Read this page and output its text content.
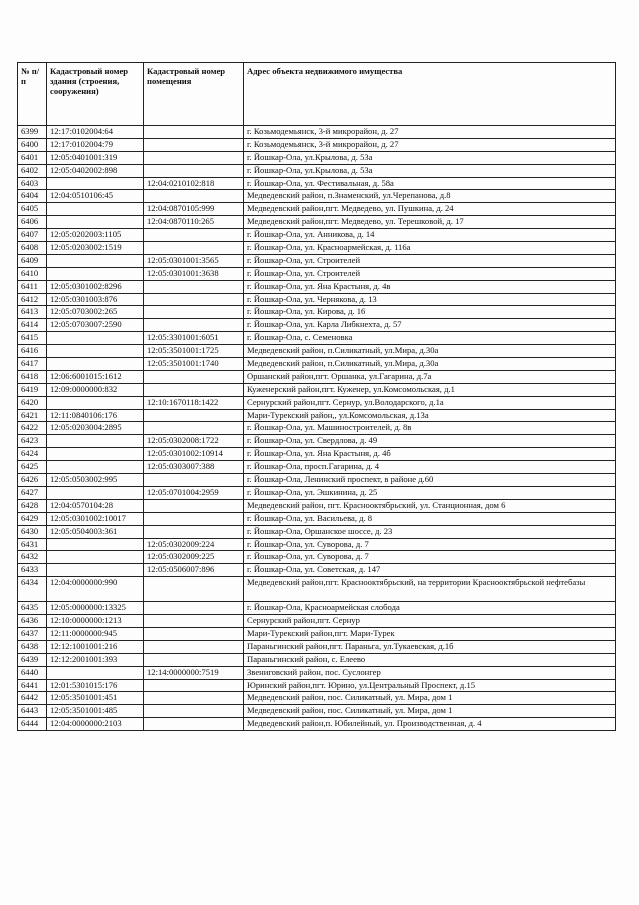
№ п/п	Кадастровый номер здания (строения, сооружения)	Кадастровый номер помещения	Адрес объекта недвижимого имущества
6399	12:17:0102004:64		г. Козьмодемьянск, 3-й микрорайон, д. 27
6400	12:17:0102004:79		г. Козьмодемьянск, 3-й микрорайон, д. 27
6401	12:05:0401001:319		г. Йошкар-Ола, ул.Крылова, д. 53а
6402	12:05:0402002:898		г. Йошкар-Ола, ул.Крылова, д. 53а
6403		12:04:0210102:818	г. Йошкар-Ола, ул. Фестивальная, д. 58а
6404	12:04:0510106:45		Медведевский район, п.Знаменский, ул.Черепанова, д.8
6405		12:04:0870105:999	Медведевский район,пгт. Медведево, ул. Пушкина, д. 24
6406		12:04:0870110:265	Медведевский район,пгт. Медведево, ул. Терешковой, д. 17
6407	12:05:0202003:1105		г. Йошкар-Ола, ул. Анникова, д. 14
6408	12:05:0203002:1519		г. Йошкар-Ола, ул. Красноармейская, д. 116а
6409		12:05:0301001:3565	г. Йошкар-Ола, ул. Строителей
6410		12:05:0301001:3638	г. Йошкар-Ола, ул. Строителей
6411	12:05:0301002:8296		г. Йошкар-Ола, ул. Яна Крастыня, д. 4в
6412	12:05:0301003:876		г. Йошкар-Ола, ул. Чернякова, д. 13
6413	12:05:0703002:265		г. Йошкар-Ола, ул. Кирова, д. 16
6414	12:05:0703007:2590		г. Йошкар-Ола, ул. Карла Либкнехта, д. 57
6415		12:05:3301001:6051	г. Йошкар-Ола, с. Семеновка
6416		12:05:3501001:1725	Медведевский район, п.Силикатный, ул.Мира, д.30а
6417		12:05:3501001:1740	Медведевский район, п.Силикатный, ул.Мира, д.30а
6418	12:06:6001015:1612		Оршанский район,пгт. Оршанка, ул.Гагарина, д.7а
6419	12:09:0000000:832		Куженерский район,пгт. Куженер, ул.Комсомольская, д.1
6420		12:10:1670118:1422	Сернурский район,пгт. Сернур, ул.Володарского, д.1а
6421	12:11:0840106:176		Мари-Турекский район,, ул.Комсомольская, д.13а
6422	12:05:0203004:2895		г. Йошкар-Ола, ул. Машиностроителей, д. 8в
6423		12:05:0302008:1722	г. Йошкар-Ола, ул. Свердлова, д. 49
6424		12:05:0301002:10914	г. Йошкар-Ола, ул. Яна Крастыня, д. 4б
6425		12:05:0303007:388	г. Йошкар-Ола, просп.Гагарина, д. 4
6426	12:05:0503002:995		г. Йошкар-Ола, Ленинский проспект, в районе д.60
6427		12:05:0701004:2959	г. Йошкар-Ола, ул. Эшкинина, д. 25
6428	12:04:0570104:28		Медведевский район, пгт. Краснооктябрьский, ул. Станционная, дом 6
6429	12:05:0301002:10017		г. Йошкар-Ола, ул. Васильева, д. 8
6430	12:05:0504003:361		г. Йошкар-Ола, Оршанское шоссе, д. 23
6431		12:05:0302009:224	г. Йошкар-Ола, ул. Суворова, д. 7
6432		12:05:0302009:225	г. Йошкар-Ола, ул. Суворова, д. 7
6433		12:05:0506007:896	г. Йошкар-Ола, ул. Советская, д. 147
6434	12:04:0000000:990		Медведевский район,пгт. Краснооктябрьский, на территории Краснооктябрьской нефтебазы
6435	12:05:0000000:13325		г. Йошкар-Ола, Красноармейская слобода
6436	12:10:0000000:1213		Сернурский район,пгт. Сернур
6437	12:11:0000000:945		Мари-Турекский район,пгт. Мари-Турек
6438	12:12:1001001:216		Параньгинский район,пгт. Параньга, ул.Тукаевская, д.1б
6439	12:12:2001001:393		Параньгинский район, с. Елеево
6440		12:14:0000000:7519	Звениговский район, пос. Суслонгер
6441	12:01:5301015:176		Юринский район,пгт. Юрино, ул.Центральный Проспект, д.15
6442	12:05:3501001:451		Медведевский район, пос. Силикатный, ул. Мира, дом 1
6443	12:05:3501001:485		Медведевский район, пос. Силикатный, ул. Мира, дом 1
6444	12:04:0000000:2103		Медведевский район,п. Юбилейный, ул. Производственная, д. 4
